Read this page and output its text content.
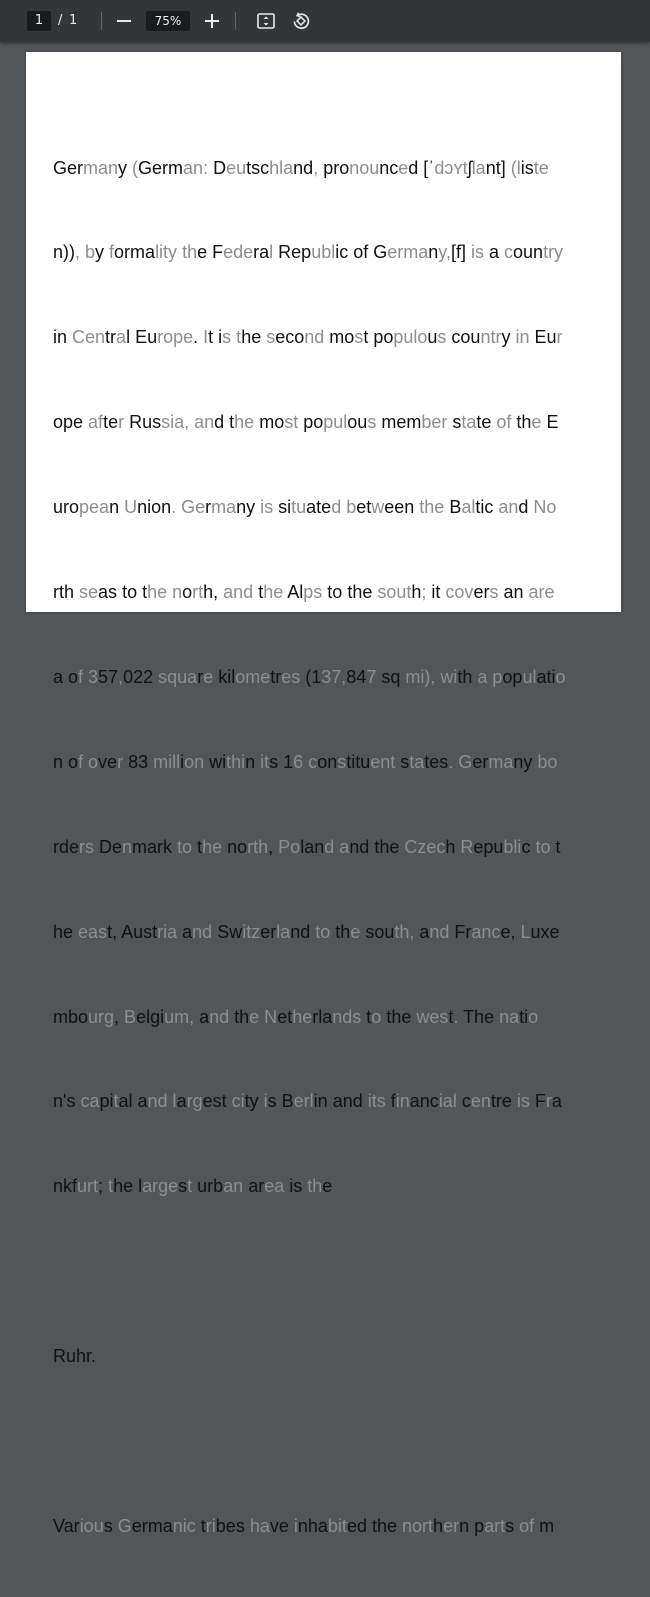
1
/ 1
75%

Germany (German: Deutschland, pronounced [ˈdɔʏtʃlant] (liste

n)), by formality the Federal Republic of Germany,[f] is a country

in Central Europe. It is the second most populous country in Eur

ope after Russia, and the most populous member state of the E

uropean Union. Germany is situated between the Baltic and No

rth seas to the north, and the Alps to the south; it covers an are

a of 357,022 square kilometres (137,847 sq mi), with a populatio

n of over 83 million within its 16 constituent states. Germany bo

rders Denmark to the north, Poland and the Czech Republic to t

he east, Austria and Switzerland to the south, and France, Luxe

mbourg, Belgium, and the Netherlands to the west. The natio

n's capital and largest city is Berlin and its financial centre is Fra

nkfurt; the largest urban area is the

Ruhr.

Various Germanic tribes have inhabited the northern parts of m
